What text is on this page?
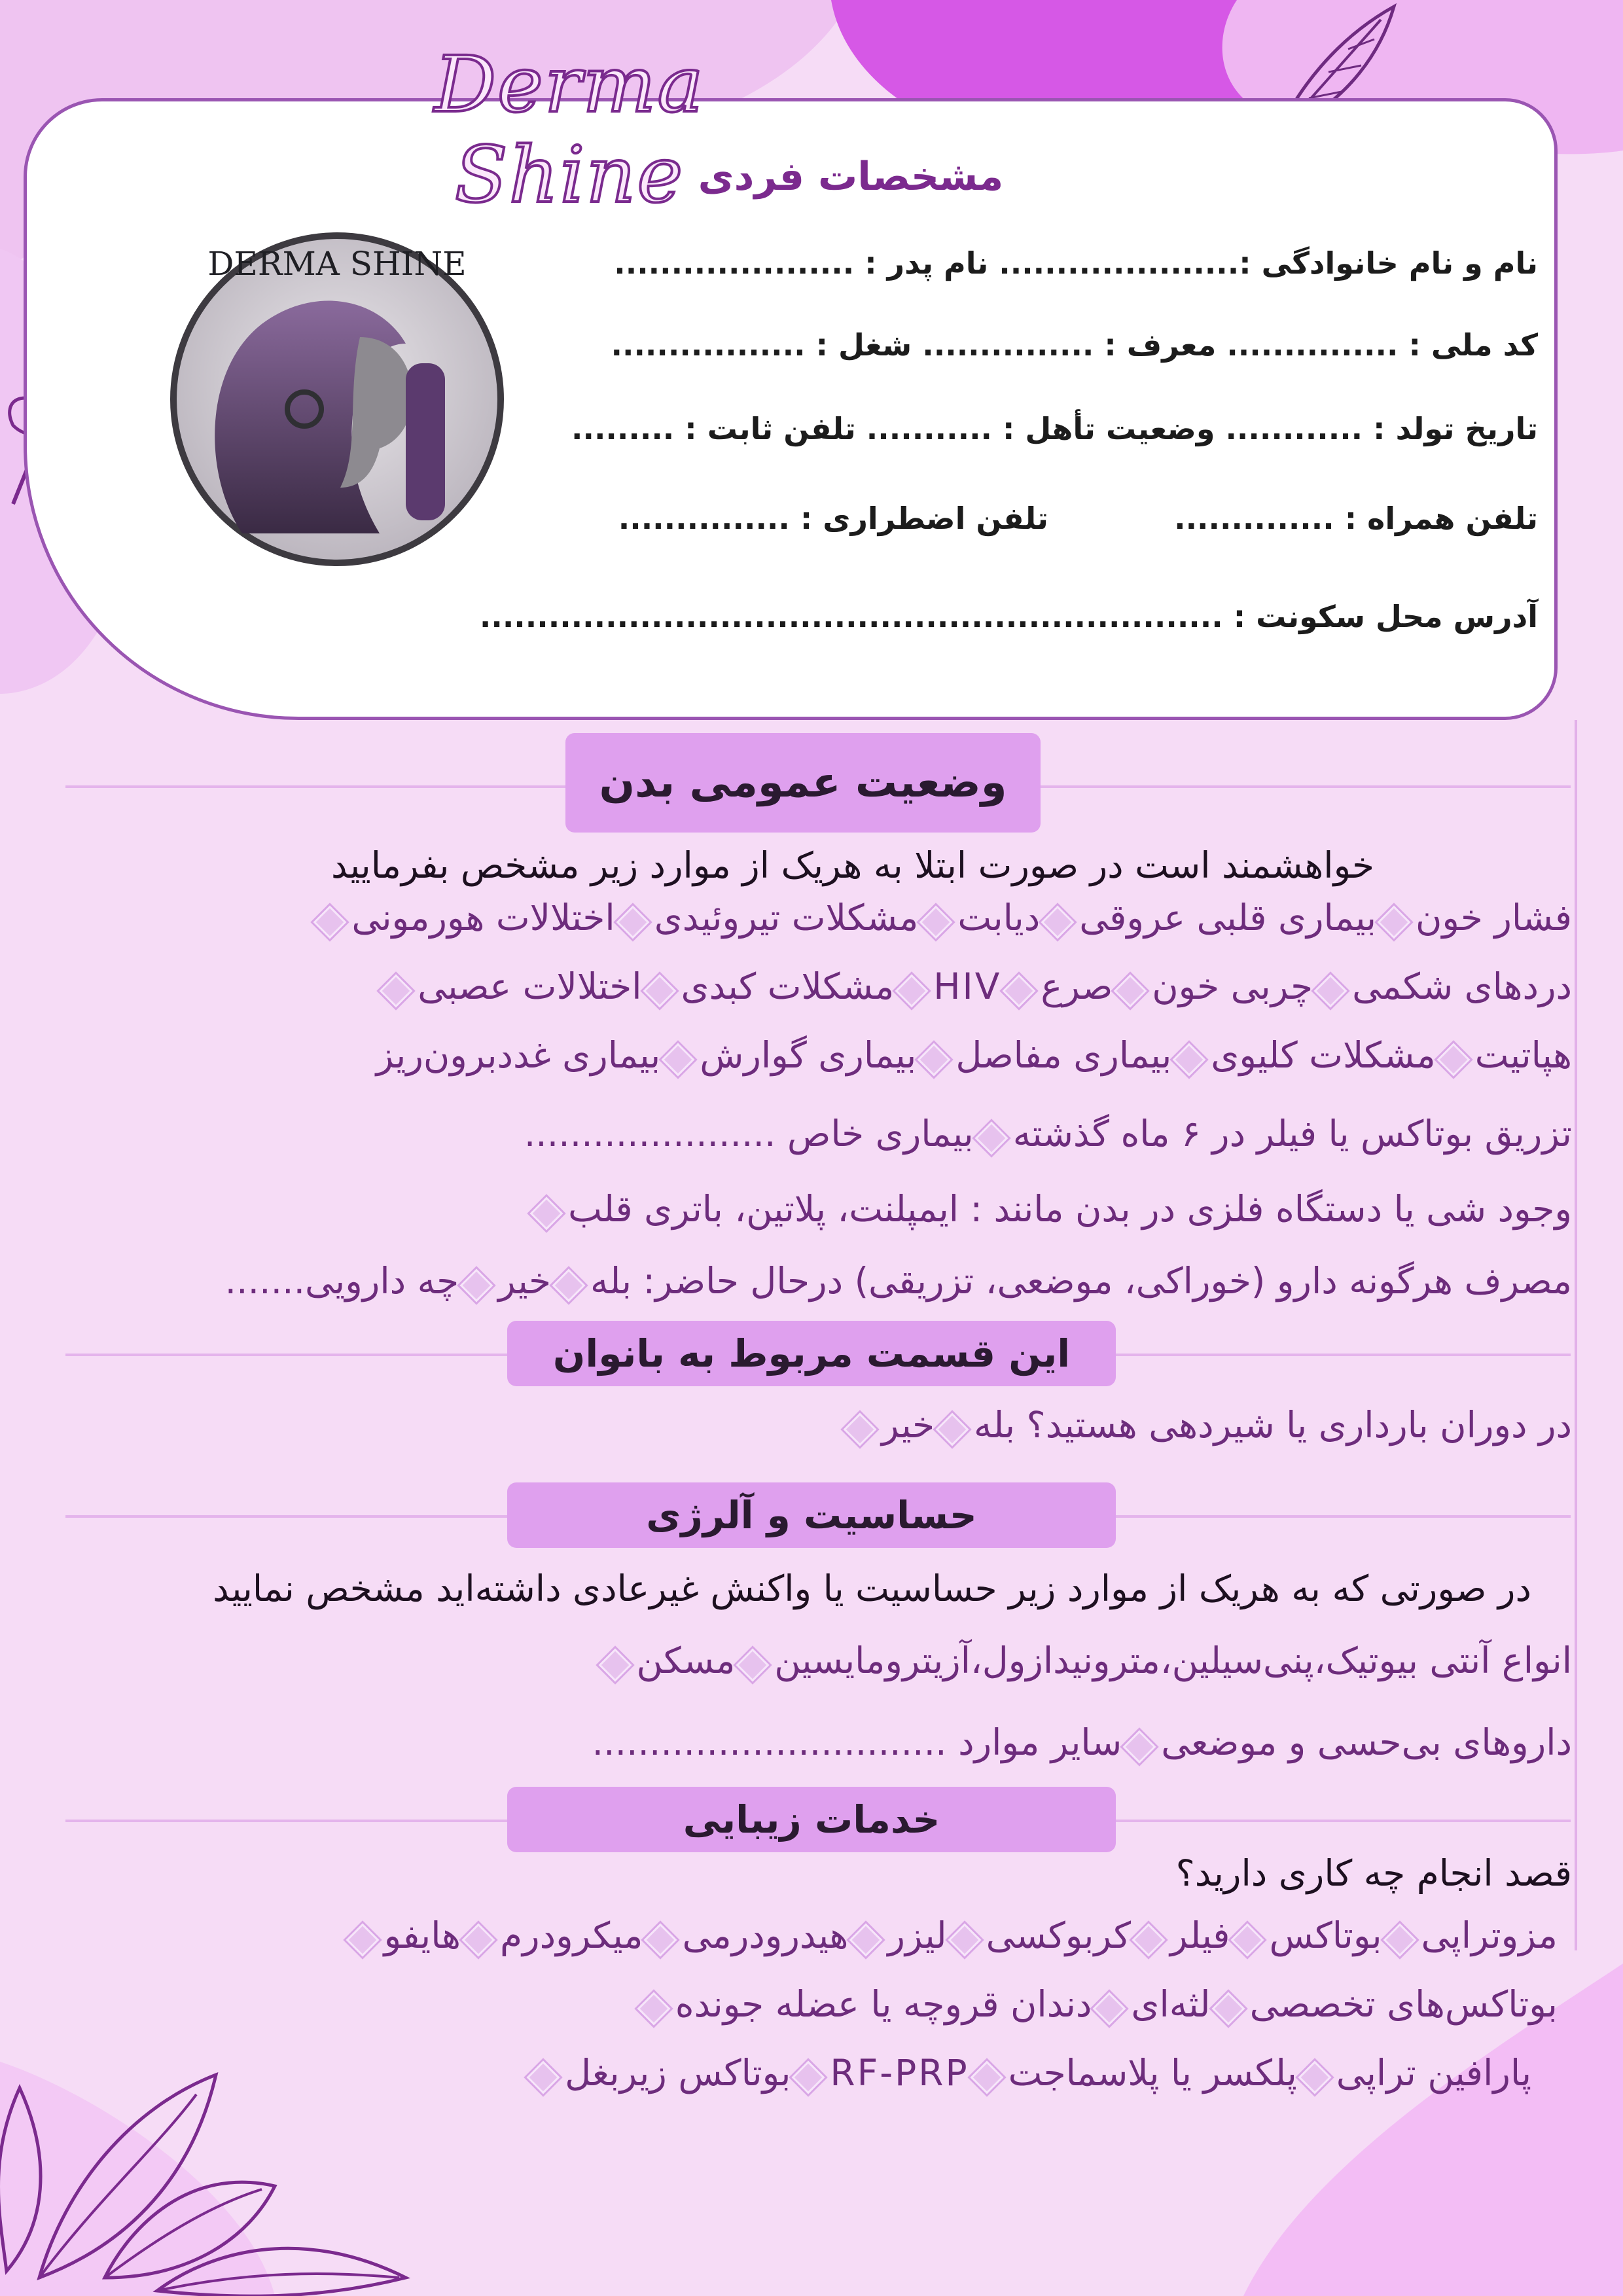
Derma Shine
DERMA SHINE
مشخصات فردی
نام و نام خانوادگی :..................... نام پدر : .....................
کد ملی : ............... معرف : ............... شغل : .................
تاریخ تولد : ............ وضعیت تأهل : ........... تلفن ثابت : .........
تلفن همراه : ..............            تلفن اضطراری : ...............
آدرس محل سکونت : .................................................................
وضعیت عمومی بدن
خواهشمند است در صورت ابتلا به هریک از موارد زیر مشخص بفرمایید
فشار خون
بیماری قلبی عروقی
دیابت
مشکلات تیروئیدی
اختلالات هورمونی
دردهای شکمی
چربی خون
صرع
HIV
مشکلات کبدی
اختلالات عصبی
هپاتیت
مشکلات کلیوی
بیماری مفاصل
بیماری گوارش
بیماری غددبرون‌ریز
تزریق بوتاکس یا فیلر در ۶ ماه گذشته
بیماری خاص ......................
وجود شی یا دستگاه فلزی در بدن مانند : ایمپلنت، پلاتین، باتری قلب
مصرف هرگونه دارو (خوراکی، موضعی، تزریقی) درحال حاضر: بله
خیر
چه دارویی.......
این قسمت مربوط به بانوان
در دوران بارداری یا شیردهی هستید؟ بله
خیر
حساسیت و آلرژی
در صورتی که به هریک از موارد زیر حساسیت یا واکنش غیرعادی داشته‌اید مشخص نمایید
انواع آنتی بیوتیک،پنی‌سیلین،مترونیدازول،آزیترومایسین
مسکن
داروهای بی‌حسی و موضعی
سایر موارد ...............................
خدمات زیبایی
قصد انجام چه کاری دارید؟
مزوتراپی
بوتاکس
فیلر
کربوکسی
لیزر
هیدرودرمی
میکرودرم
هایفو
بوتاکس‌های تخصصی
لثه‌ای
دندان قروچه یا عضله جونده
پارافین تراپی
پلکسر یا پلاسماجت
RF-PRP
بوتاکس زیربغل
